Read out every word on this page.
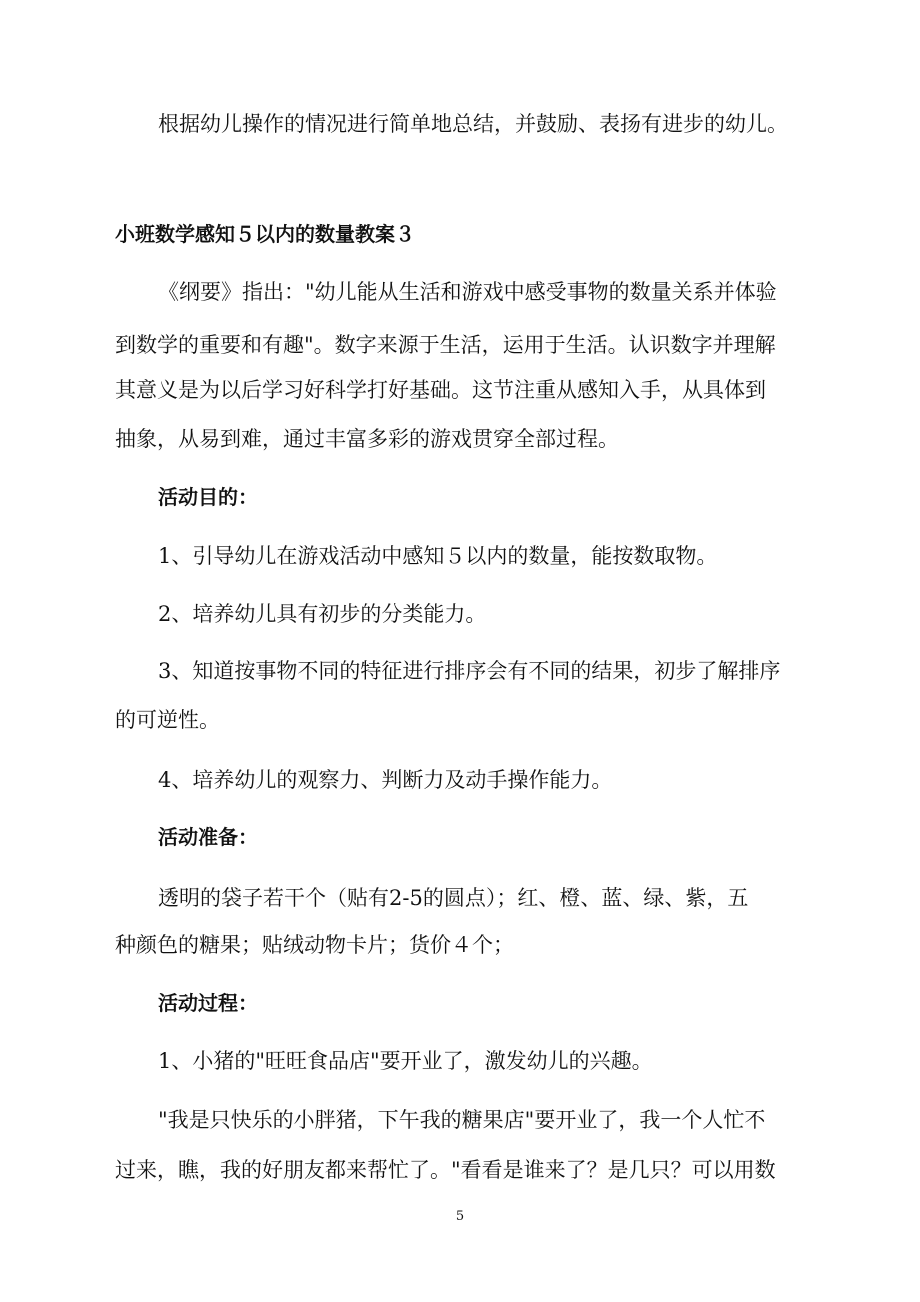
根据幼儿操作的情况进行简单地总结，并鼓励、表扬有进步的幼儿。

小班数学感知５以内的数量教案３

《纲要》指出："幼儿能从生活和游戏中感受事物的数量关系并体验

到数学的重要和有趣"。数字来源于生活，运用于生活。认识数字并理解

其意义是为以后学习好科学打好基础。这节注重从感知入手，从具体到

抽象，从易到难，通过丰富多彩的游戏贯穿全部过程。

活动目的：

1、引导幼儿在游戏活动中感知５以内的数量，能按数取物。

2、培养幼儿具有初步的分类能力。

3、知道按事物不同的特征进行排序会有不同的结果，初步了解排序

的可逆性。

4、培养幼儿的观察力、判断力及动手操作能力。

活动准备：

透明的袋子若干个（贴有2-5的圆点）；红、橙、蓝、绿、紫，五

种颜色的糖果；贴绒动物卡片；货价４个；

活动过程：

1、小猪的"旺旺食品店"要开业了，激发幼儿的兴趣。

"我是只快乐的小胖猪，下午我的糖果店"要开业了，我一个人忙不

过来，瞧，我的好朋友都来帮忙了。"看看是谁来了？是几只？可以用数

5
